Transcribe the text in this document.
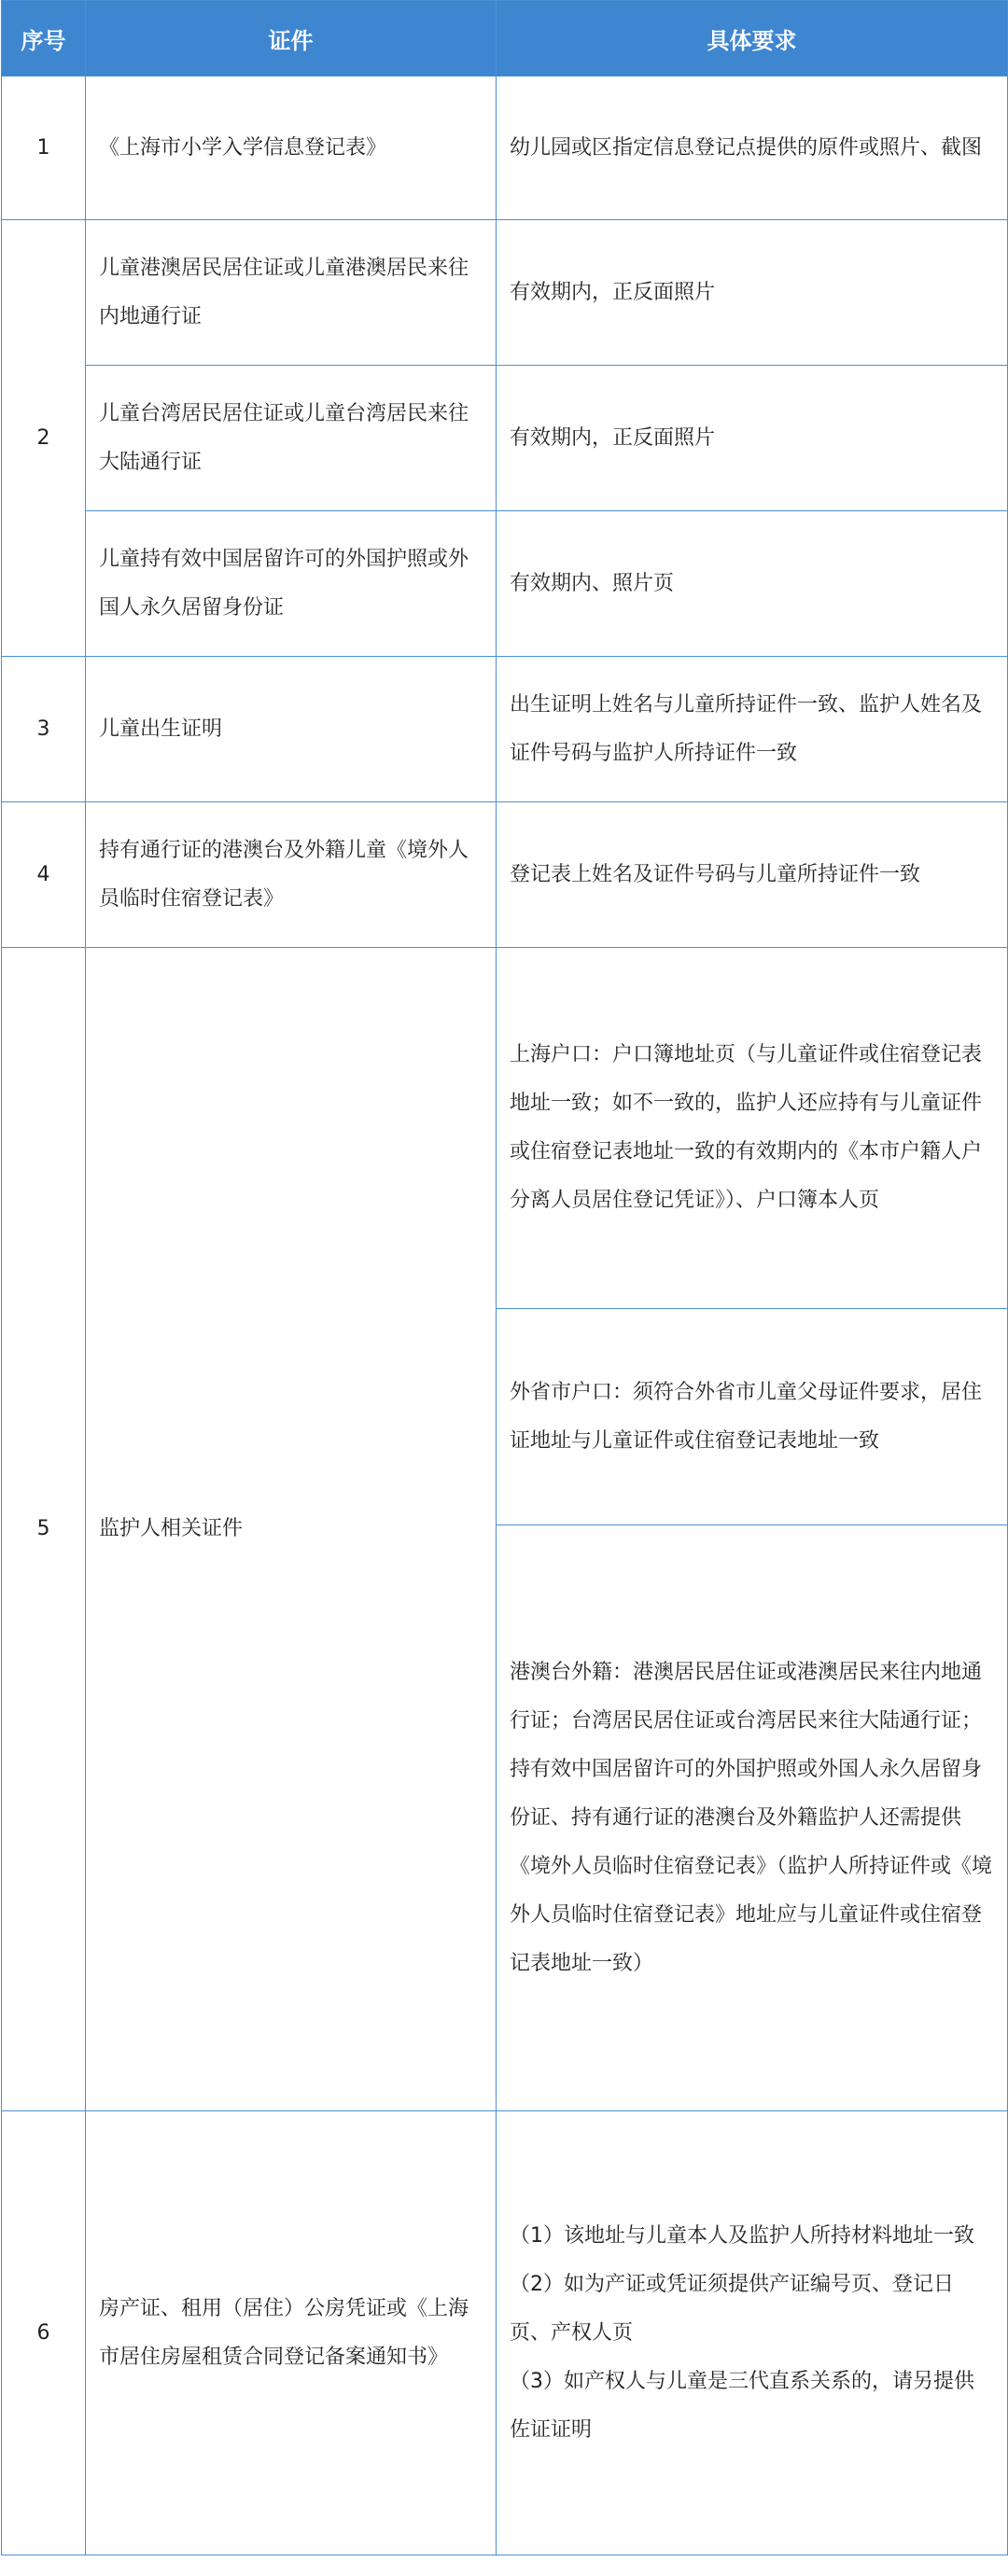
序号	证件	具体要求
1	《上海市小学入学信息登记表》	幼儿园或区指定信息登记点提供的原件或照片、截图
2	儿童港澳居民居住证或儿童港澳居民来往内地通行证	有效期内，正反面照片
	儿童台湾居民居住证或儿童台湾居民来往大陆通行证	有效期内，正反面照片
	儿童持有效中国居留许可的外国护照或外国人永久居留身份证	有效期内、照片页
3	儿童出生证明	出生证明上姓名与儿童所持证件一致、监护人姓名及证件号码与监护人所持证件一致
4	持有通行证的港澳台及外籍儿童《境外人员临时住宿登记表》	登记表上姓名及证件号码与儿童所持证件一致
5	监护人相关证件	上海户口：户口簿地址页（与儿童证件或住宿登记表地址一致；如不一致的，监护人还应持有与儿童证件或住宿登记表地址一致的有效期内的《本市户籍人户分离人员居住登记凭证》）、户口簿本人页
		外省市户口：须符合外省市儿童父母证件要求，居住证地址与儿童证件或住宿登记表地址一致
		港澳台外籍：港澳居民居住证或港澳居民来往内地通行证；台湾居民居住证或台湾居民来往大陆通行证；持有效中国居留许可的外国护照或外国人永久居留身份证、持有通行证的港澳台及外籍监护人还需提供《境外人员临时住宿登记表》（监护人所持证件或《境外人员临时住宿登记表》地址应与儿童证件或住宿登记表地址一致）
6	房产证、租用（居住）公房凭证或《上海市居住房屋租赁合同登记备案通知书》	（1）该地址与儿童本人及监护人所持材料地址一致
（2）如为产证或凭证须提供产证编号页、登记日页、产权人页
（3）如产权人与儿童是三代直系关系的，请另提供佐证证明
